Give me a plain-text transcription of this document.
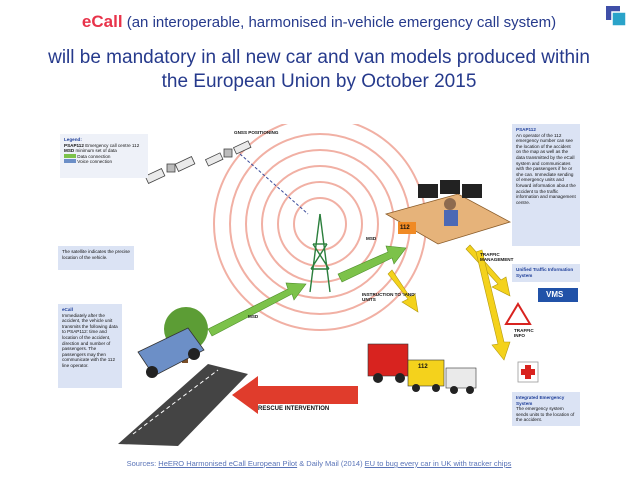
eCall (an interoperable, harmonised in-vehicle emergency call system)
will be mandatory in all new car and van models produced within
the European Union by October 2015
Legend:
PSAP112 Emergency call centre 112
MSD minimum set of data
Data connection
Voice connection
GNSS POSITIONING
The satellite indicates the precise location of the vehicle.
eCall
Immediately after the accident, the vehicle unit transmits the following data to PSAP112: time and location of the accident, direction and number of passengers. The passengers may then communicate with the 112 line operator.
PSAP112
An operator of the 112 emergency number can see the location of the accident on the map as well as the data transmitted by the eCall system and communicates with the passengers if he or she can. Immediate sending of emergency units and forward information about the accident to the traffic information and management centre.
Unified Traffic Information System
Integrated Emergency System
The emergency system sends units to the location of the accident.
MSD
MSD
TRAFFIC MANAGEMENT
INSTRUCTION TO 'IAND' UNITS
VMS
TRAFFIC INFO
RESCUE INTERVENTION
112
112
Sources: HeERO Harmonised eCall European Pilot & Daily Mail (2014) EU to bug every car in UK with tracker chips
